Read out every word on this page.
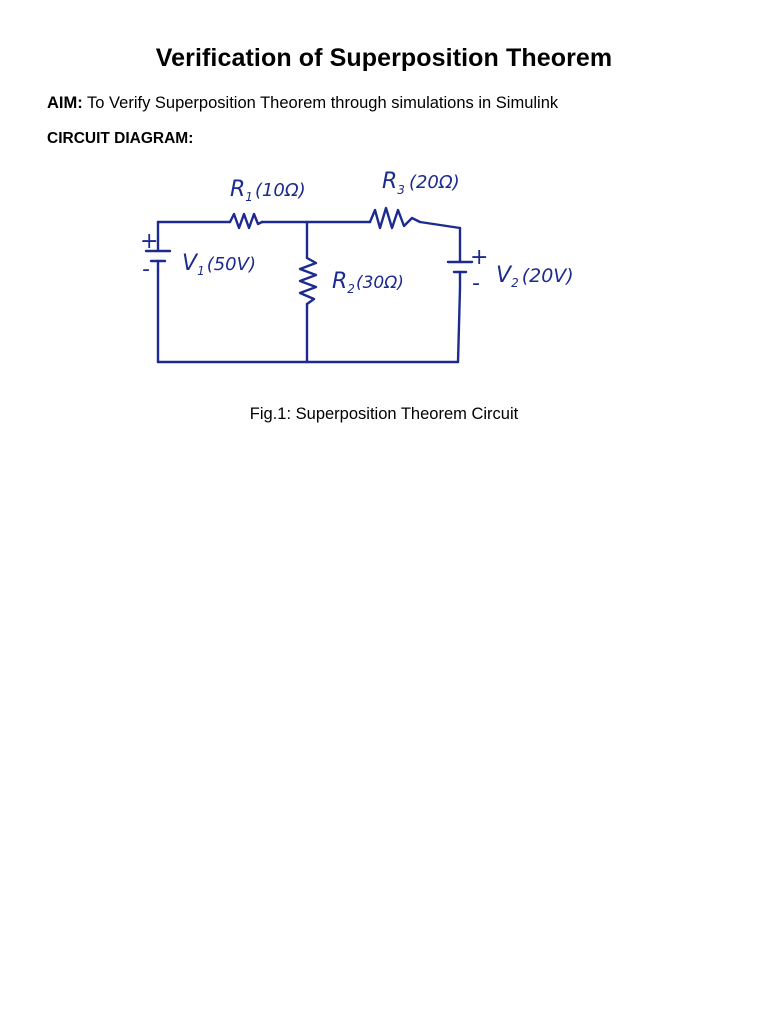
Verification of Superposition Theorem
AIM: To Verify Superposition Theorem through simulations in Simulink
CIRCUIT DIAGRAM:
+
-	+
-
$R_1$ $^{(10\Omega)}$	$R_3$ $^{(20\Omega)}$
$R_2^{(30\Omega)}$
$V_1$ $^{(50V)}$	$V_2$ (20V)
Fig.1: Superposition Theorem Circuit
